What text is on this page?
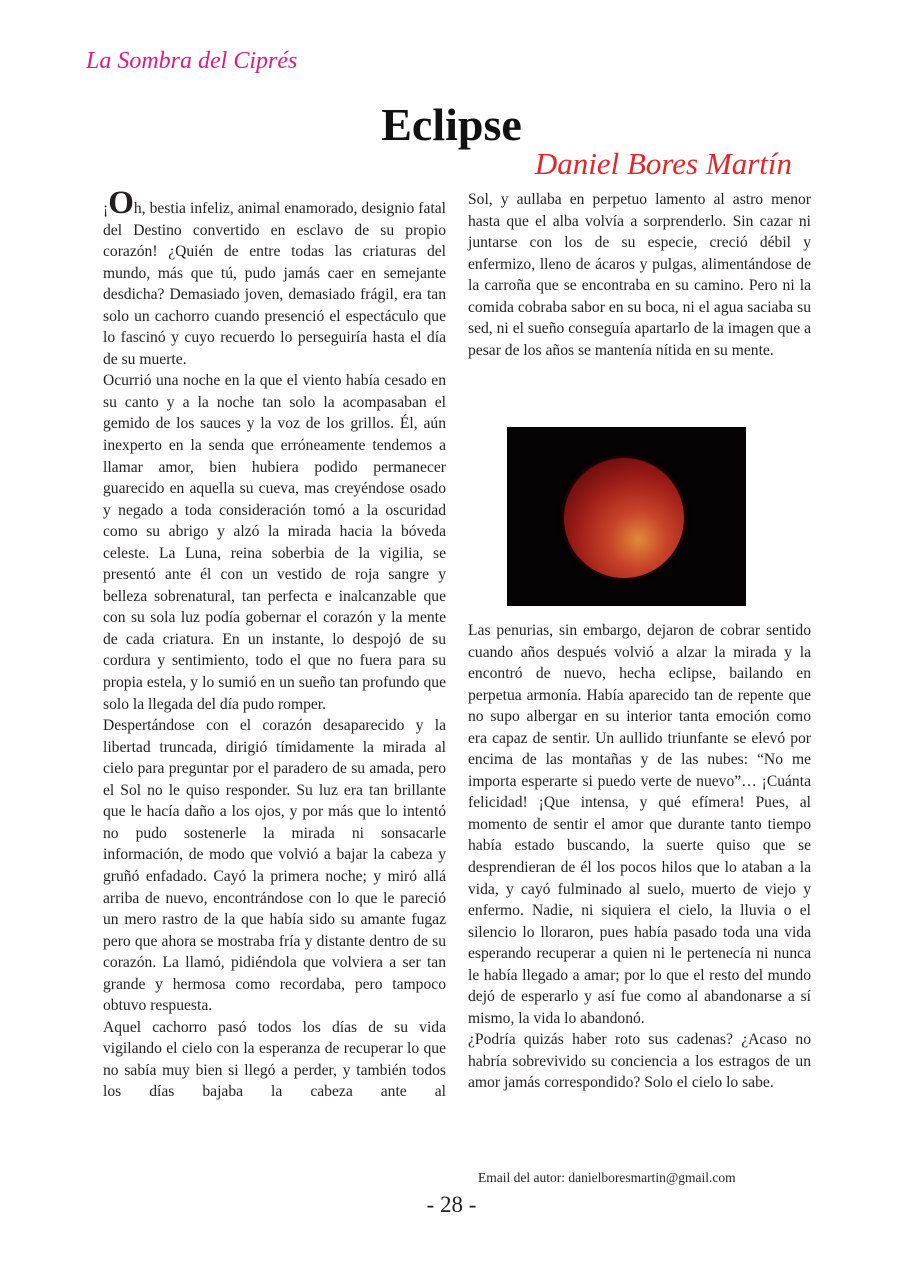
La Sombra del Ciprés
Eclipse
Daniel Bores Martín

¡Oh, bestia infeliz, animal enamorado, designio fatal del Destino convertido en esclavo de su propio corazón! ¿Quién de entre todas las criaturas del mundo, más que tú, pudo jamás caer en semejante desdicha? Demasiado joven, demasiado frágil, era tan solo un cachorro cuando presenció el espectáculo que lo fascinó y cuyo recuerdo lo perseguiría hasta el día de su muerte.

Ocurrió una noche en la que el viento había cesado en su canto y a la noche tan solo la acompasaban el gemido de los sauces y la voz de los grillos. Él, aún inexperto en la senda que erróneamente tendemos a llamar amor, bien hubiera podido permanecer guarecido en aquella su cueva, mas creyéndose osado y negado a toda consideración tomó a la oscuridad como su abrigo y alzó la mirada hacia la bóveda celeste. La Luna, reina soberbia de la vigilia, se presentó ante él con un vestido de roja sangre y belleza sobrenatural, tan perfecta e inalcanzable que con su sola luz podía gobernar el corazón y la mente de cada criatura. En un instante, lo despojó de su cordura y sentimiento, todo el que no fuera para su propia estela, y lo sumió en un sueño tan profundo que solo la llegada del día pudo romper.

Despertándose con el corazón desaparecido y la libertad truncada, dirigió tímidamente la mirada al cielo para preguntar por el paradero de su amada, pero el Sol no le quiso responder. Su luz era tan brillante que le hacía daño a los ojos, y por más que lo intentó no pudo sostenerle la mirada ni sonsacarle información, de modo que volvió a bajar la cabeza y gruñó enfadado. Cayó la primera noche; y miró allá arriba de nuevo, encontrándose con lo que le pareció un mero rastro de la que había sido su amante fugaz pero que ahora se mostraba fría y distante dentro de su corazón. La llamó, pidiéndola que volviera a ser tan grande y hermosa como recordaba, pero tampoco obtuvo respuesta.

Aquel cachorro pasó todos los días de su vida vigilando el cielo con la esperanza de recuperar lo que no sabía muy bien si llegó a perder, y también todos los días bajaba la cabeza ante al

Sol, y aullaba en perpetuo lamento al astro menor hasta que el alba volvía a sorprenderlo. Sin cazar ni juntarse con los de su especie, creció débil y enfermizo, lleno de ácaros y pulgas, alimentándose de la carroña que se encontraba en su camino. Pero ni la comida cobraba sabor en su boca, ni el agua saciaba su sed, ni el sueño conseguía apartarlo de la imagen que a pesar de los años se mantenía nítida en su mente.

Las penurias, sin embargo, dejaron de cobrar sentido cuando años después volvió a alzar la mirada y la encontró de nuevo, hecha eclipse, bailando en perpetua armonía. Había aparecido tan de repente que no supo albergar en su interior tanta emoción como era capaz de sentir. Un aullido triunfante se elevó por encima de las montañas y de las nubes: “No me importa esperarte si puedo verte de nuevo”… ¡Cuánta felicidad! ¡Que intensa, y qué efímera! Pues, al momento de sentir el amor que durante tanto tiempo había estado buscando, la suerte quiso que se desprendieran de él los pocos hilos que lo ataban a la vida, y cayó fulminado al suelo, muerto de viejo y enfermo. Nadie, ni siquiera el cielo, la lluvia o el silencio lo lloraron, pues había pasado toda una vida esperando recuperar a quien ni le pertenecía ni nunca le había llegado a amar; por lo que el resto del mundo dejó de esperarlo y así fue como al abandonarse a sí mismo, la vida lo abandonó.

¿Podría quizás haber roto sus cadenas? ¿Acaso no habría sobrevivido su conciencia a los estragos de un amor jamás correspondido? Solo el cielo lo sabe.

Email del autor: danielboresmartin@gmail.com
- 28 -
